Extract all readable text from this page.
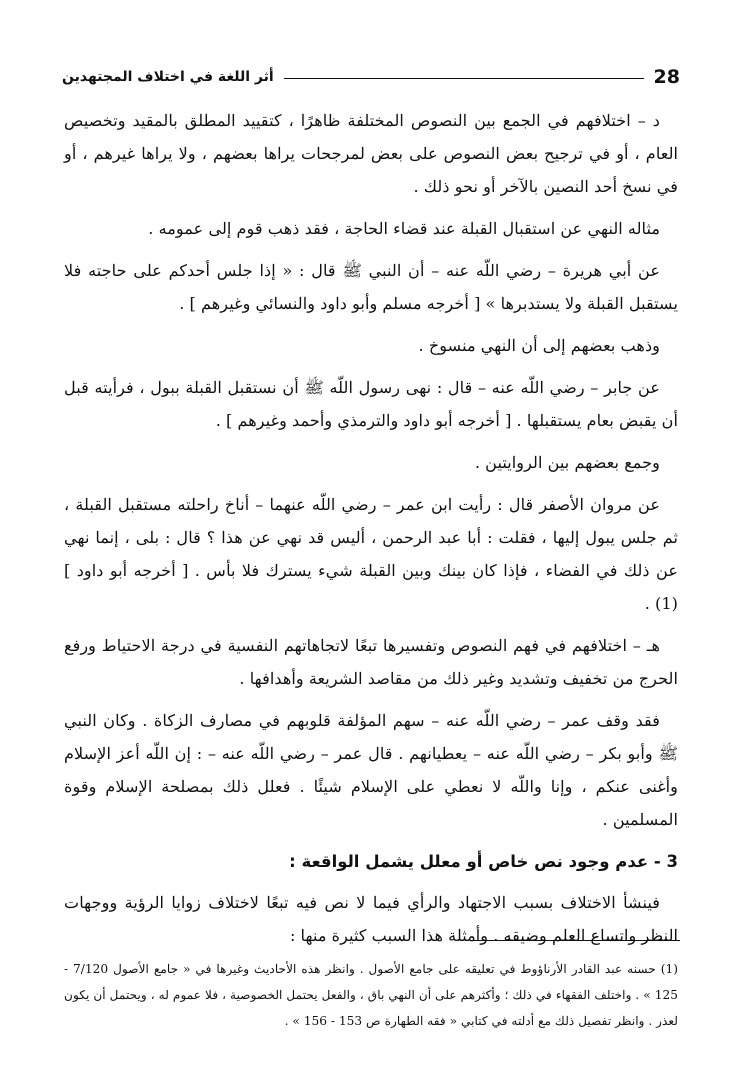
أثر اللغة في اختلاف المجتهدين	28

د – اختلافهم في الجمع بين النصوص المختلفة ظاهرًا ، كتقييد المطلق بالمقيد وتخصيص العام ، أو في ترجيح بعض النصوص على بعض لمرجحات يراها بعضهم ، ولا يراها غيرهم ، أو في نسخ أحد النصين بالآخر أو نحو ذلك .

مثاله النهي عن استقبال القبلة عند قضاء الحاجة ، فقد ذهب قوم إلى عمومه .

عن أبي هريرة – رضي اللّه عنه – أن النبي ﷺ قال : « إذا جلس أحدكم على حاجته فلا يستقبل القبلة ولا يستدبرها » [ أخرجه مسلم وأبو داود والنسائي وغيرهم ] .

وذهب بعضهم إلى أن النهي منسوخ .

عن جابر – رضي اللّه عنه – قال : نهى رسول اللّه ﷺ أن نستقبل القبلة ببول ، فرأيته قبل أن يقبض بعام يستقبلها . [ أخرجه أبو داود والترمذي وأحمد وغيرهم ] .

وجمع بعضهم بين الروايتين .

عن مروان الأصفر قال : رأيت ابن عمر – رضي اللّه عنهما – أناخ راحلته مستقبل القبلة ، ثم جلس يبول إليها ، فقلت : أبا عبد الرحمن ، أليس قد نهي عن هذا ؟ قال : بلى ، إنما نهي عن ذلك في الفضاء ، فإذا كان بينك وبين القبلة شيء يسترك فلا بأس . [ أخرجه أبو داود ] (1) .

هـ – اختلافهم في فهم النصوص وتفسيرها تبعًا لاتجاهاتهم النفسية في درجة الاحتياط ورفع الحرج من تخفيف وتشديد وغير ذلك من مقاصد الشريعة وأهدافها .

فقد وقف عمر – رضي اللّه عنه – سهم المؤلفة قلوبهم في مصارف الزكاة . وكان النبي ﷺ وأبو بكر – رضي اللّه عنه – يعطيانهم . قال عمر – رضي اللّه عنه – : إن اللّه أعز الإسلام وأغنى عنكم ، وإنا واللّه لا نعطي على الإسلام شيئًا . فعلل ذلك بمصلحة الإسلام وقوة المسلمين .

3 - عدم وجود نص خاص أو معلل يشمل الواقعة :

فينشأ الاختلاف بسبب الاجتهاد والرأي فيما لا نص فيه تبعًا لاختلاف زوايا الرؤية ووجهات النظر واتساع العلم وضيقه . وأمثلة هذا السبب كثيرة منها :

(1) حسنه عبد القادر الأرناؤوط في تعليقه على جامع الأصول . وانظر هذه الأحاديث وغيرها في « جامع الأصول 7/120 - 125 » . واختلف الفقهاء في ذلك ؛ وأكثرهم على أن النهي باق ، والفعل يحتمل الخصوصية ، فلا عموم له ، ويحتمل أن يكون لعذر . وانظر تفصيل ذلك مع أدلته في كتابي « فقه الطهارة ص 153 - 156 » .
